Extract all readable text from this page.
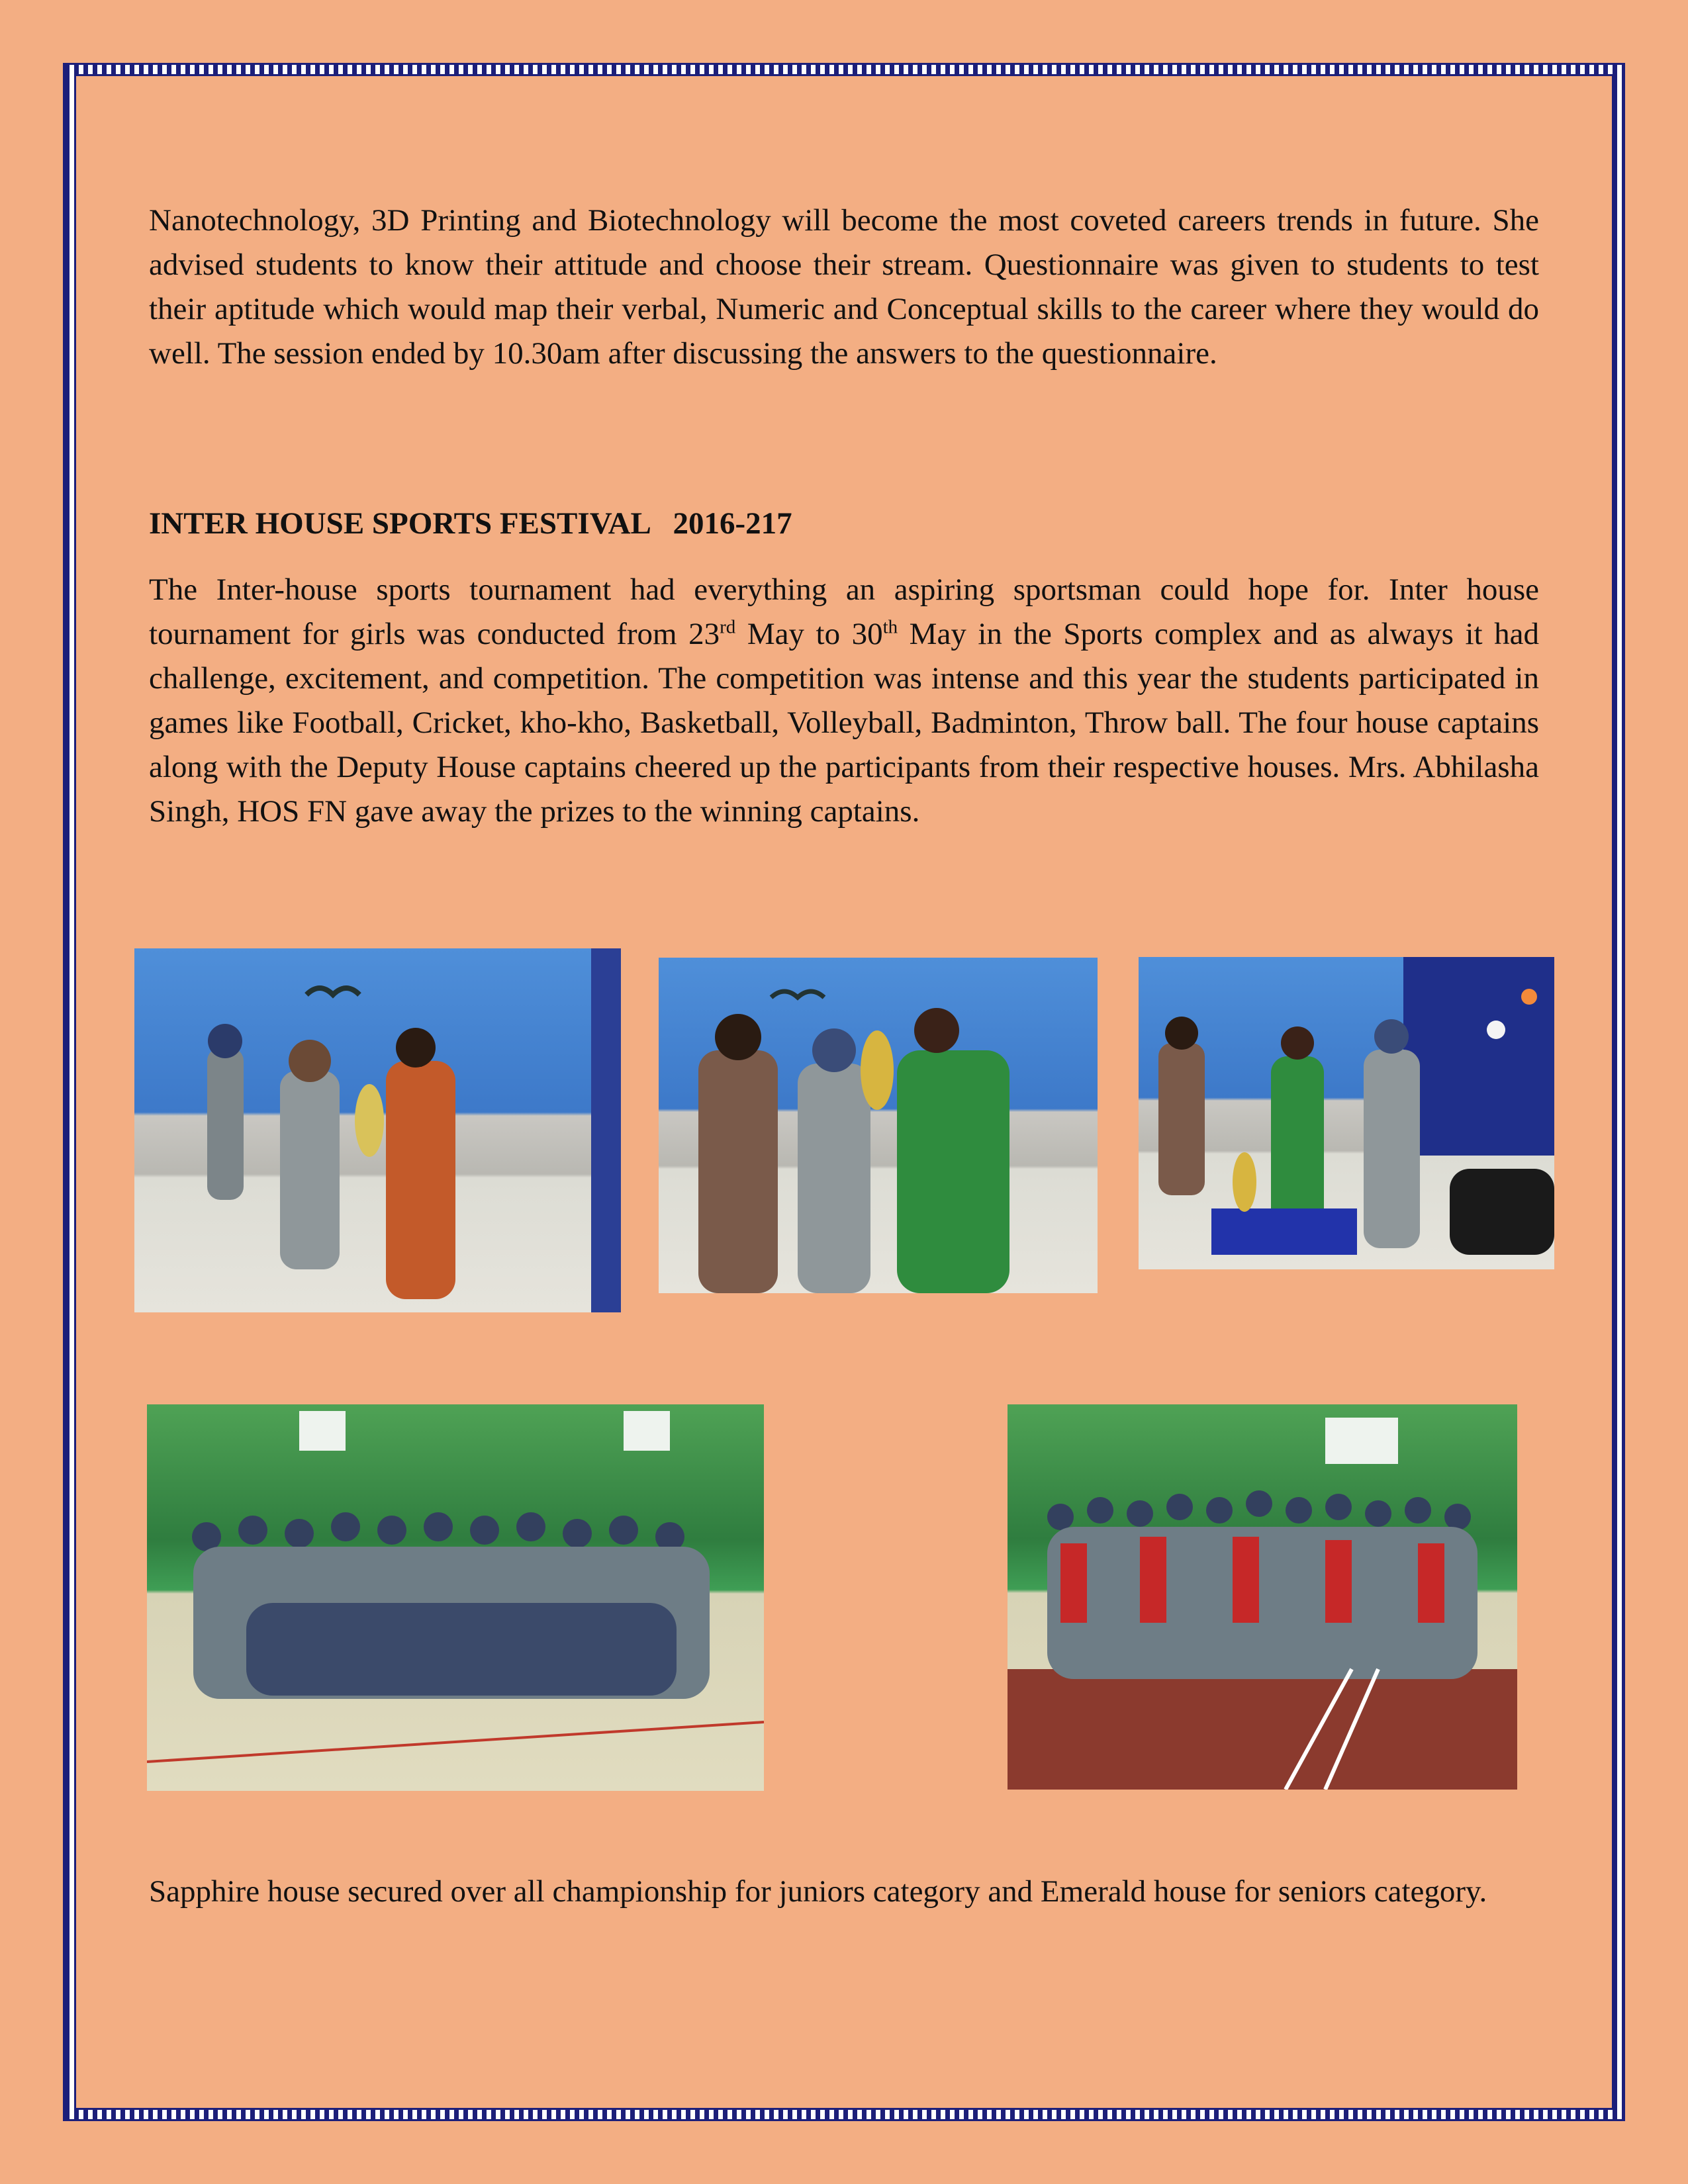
Nanotechnology, 3D Printing and Biotechnology will become the most coveted careers trends in future. She advised students to know their attitude and choose their stream. Questionnaire was given to students to test their aptitude which would map their verbal, Numeric and Conceptual skills to the career where they would do well. The session ended by 10.30am after discussing the answers to the questionnaire.

INTER HOUSE SPORTS FESTIVAL   2016-217

The Inter-house sports tournament had everything an aspiring sportsman could hope for. Inter house tournament for girls was conducted from 23rd May to 30th May in the Sports complex and as always it had challenge, excitement, and competition. The competition was intense and this year the students participated in games like Football, Cricket, kho-kho, Basketball, Volleyball, Badminton, Throw ball. The four house captains along with the Deputy House captains cheered up the participants from their respective houses. Mrs. Abhilasha Singh, HOS FN gave away the prizes to the winning captains.

Sapphire house secured over all championship for juniors category and Emerald house for seniors category.
